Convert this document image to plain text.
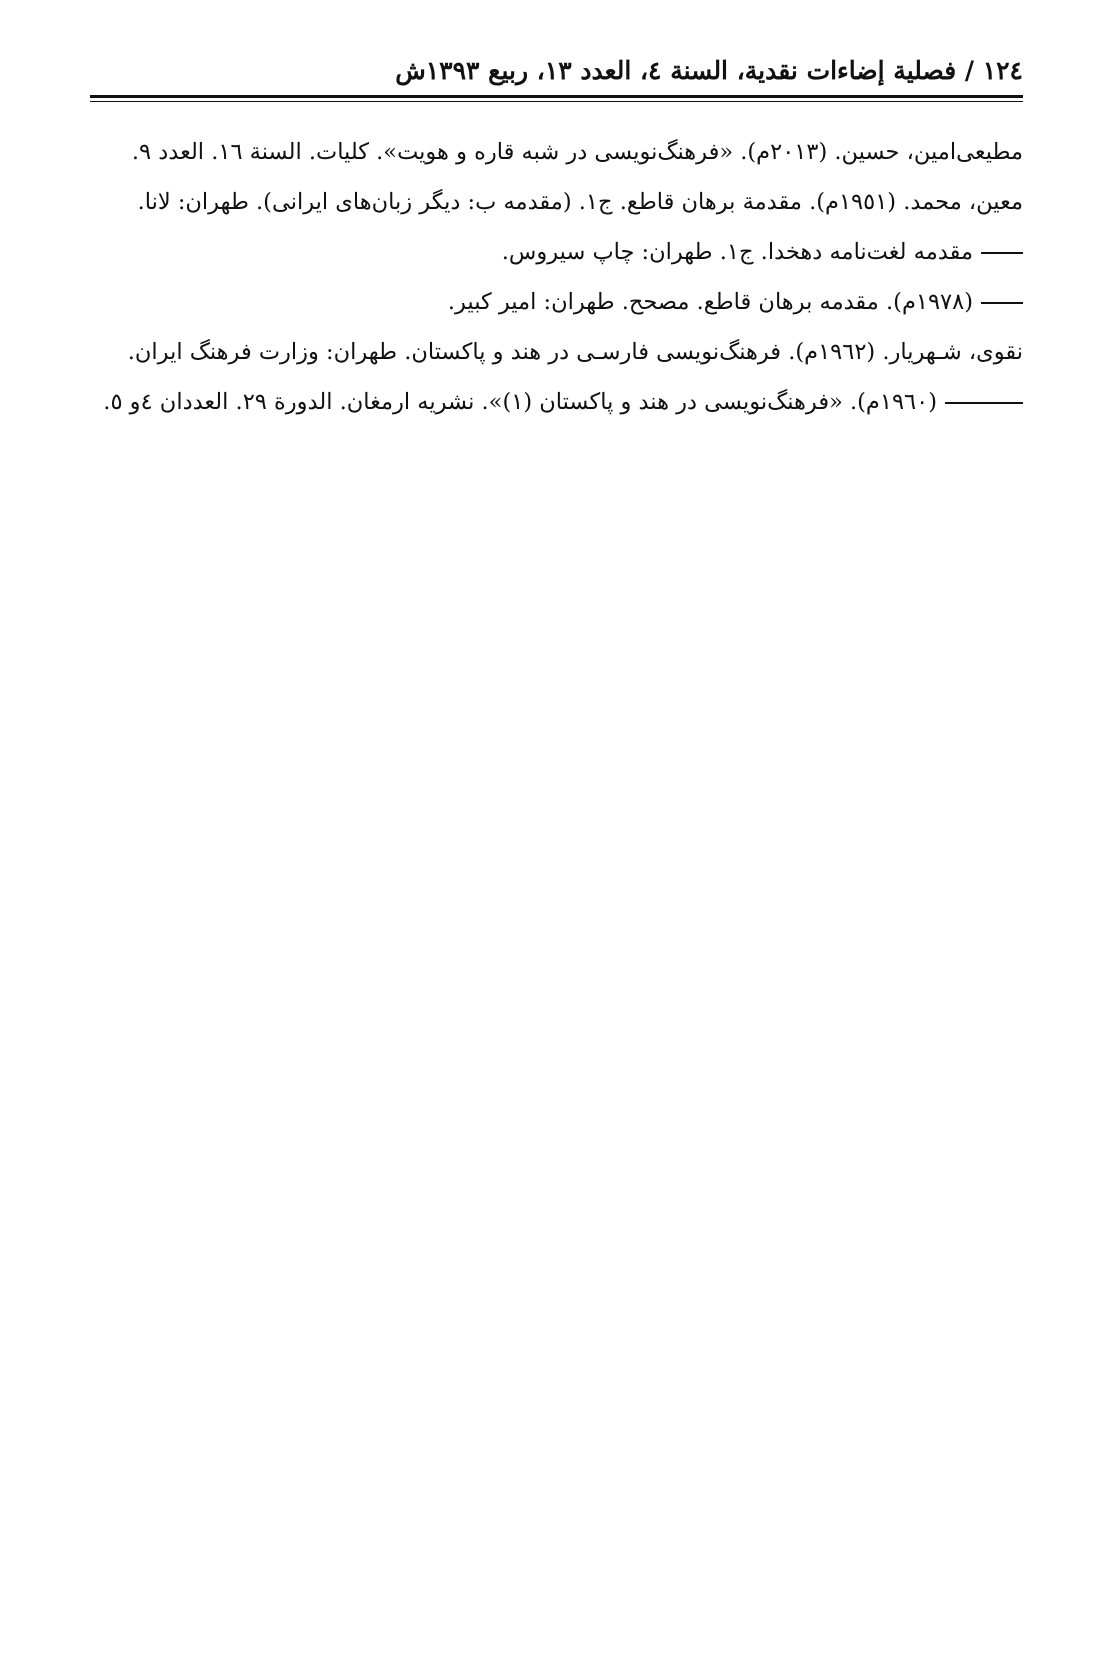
١٢٤ / فصلية إضاءات نقدية، السنة ٤، العدد ١٣، ربيع ١٣٩٣ش

مطیعی‌امین، حسین. (٢٠١٣م). «فرهنگ‌نویسی در شبه قاره و هویت». کلیات. السنة ١٦. العدد ٩.

معین، محمد. (١٩٥١م). مقدمة برهان قاطع. ج١. (مقدمه ب: دیگر زبان‌های ایرانی). طهران: لانا.

مقدمه لغت‌نامه دهخدا. ج١. طهران: چاپ سیروس.

(١٩٧٨م). مقدمه برهان قاطع. مصحح. طهران: امیر کبیر.

نقوی، شـهریار. (١٩٦٢م). فرهنگ‌نویسی فارسـی در هند و پاکستان. طهران: وزارت فرهنگ ایران.

(١٩٦٠م). «فرهنگ‌نویسی در هند و پاکستان (١)». نشریه ارمغان. الدورة ٢٩. العددان ٤و ٥.
